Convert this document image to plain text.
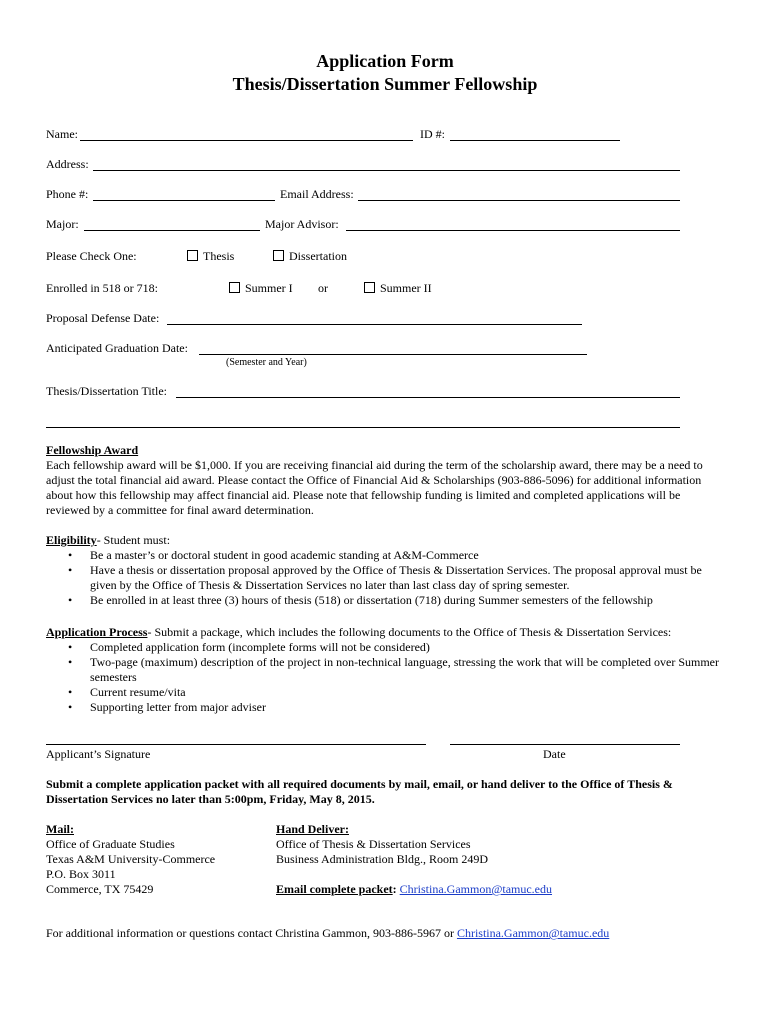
Application Form
Thesis/Dissertation Summer Fellowship
Name:	ID #:
Address:
Phone #:	Email Address:
Major:	Major Advisor:
Please Check One:	Thesis	Dissertation
Enrolled in 518 or 718:	Summer I or	Summer II
Proposal Defense Date:
Anticipated Graduation Date:
(Semester and Year)
Thesis/Dissertation Title:
Fellowship Award
Each fellowship award will be $1,000. If you are receiving financial aid during the term of the scholarship award, there may be a need to adjust the total financial aid award. Please contact the Office of Financial Aid & Scholarships (903-886-5096) for additional information about how this fellowship may affect financial aid. Please note that fellowship funding is limited and completed applications will be reviewed by a committee for final award determination.
Eligibility- Student must:
• Be a master’s or doctoral student in good academic standing at A&M-Commerce
• Have a thesis or dissertation proposal approved by the Office of Thesis & Dissertation Services. The proposal approval must be given by the Office of Thesis & Dissertation Services no later than last class day of spring semester.
• Be enrolled in at least three (3) hours of thesis (518) or dissertation (718) during Summer semesters of the fellowship
Application Process- Submit a package, which includes the following documents to the Office of Thesis & Dissertation Services:
• Completed application form (incomplete forms will not be considered)
• Two-page (maximum) description of the project in non-technical language, stressing the work that will be completed over Summer semesters
• Current resume/vita
• Supporting letter from major adviser
Applicant’s Signature	Date
Submit a complete application packet with all required documents by mail, email, or hand deliver to the Office of Thesis & Dissertation Services no later than 5:00pm, Friday, May 8, 2015.
Mail:
Office of Graduate Studies
Texas A&M University-Commerce
P.O. Box 3011
Commerce, TX 75429
Hand Deliver:
Office of Thesis & Dissertation Services
Business Administration Bldg., Room 249D
Email complete packet: Christina.Gammon@tamuc.edu
For additional information or questions contact Christina Gammon, 903-886-5967 or Christina.Gammon@tamuc.edu
